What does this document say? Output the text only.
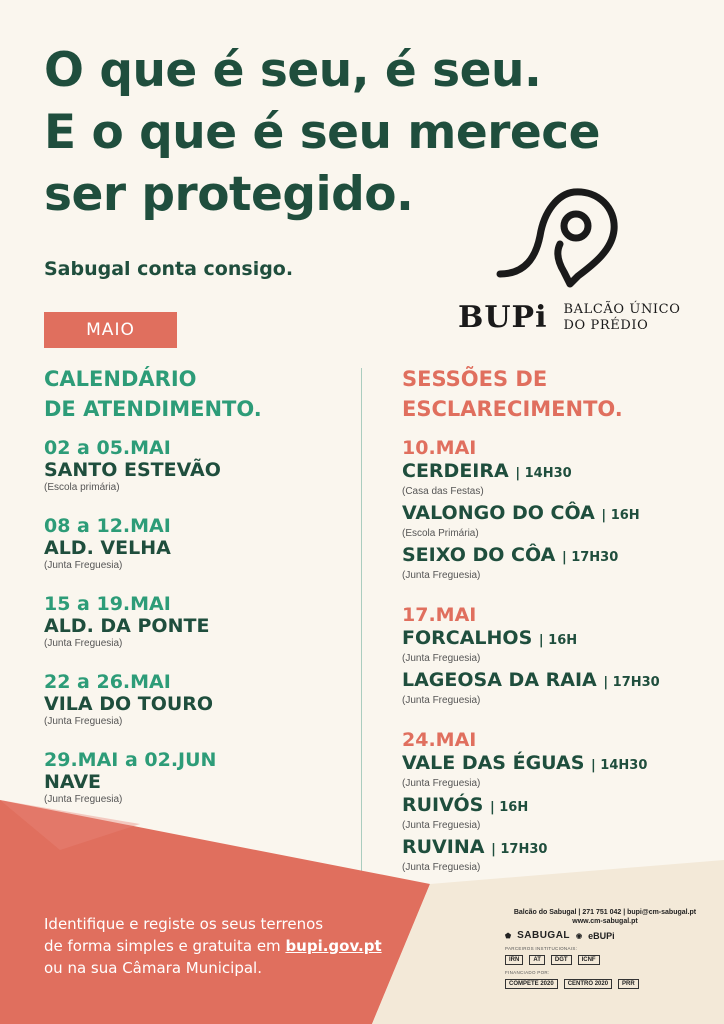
O que é seu, é seu.
E o que é seu merece
ser protegido.
Sabugal conta consigo.
BUPi BALCÃO ÚNICO
DO PRÉDIO
MAIO
CALENDÁRIO
DE ATENDIMENTO.
SESSÕES DE
ESCLARECIMENTO.
02 a 05.MAI
SANTO ESTEVÃO
(Escola primária)
08 a 12.MAI
ALD. VELHA
(Junta Freguesia)
15 a 19.MAI
ALD. DA PONTE
(Junta Freguesia)
22 a 26.MAI
VILA DO TOURO
(Junta Freguesia)
29.MAI a 02.JUN
NAVE
(Junta Freguesia)
10.MAI
CERDEIRA | 14H30
(Casa das Festas)
VALONGO DO CÔA | 16H
(Escola Primária)
SEIXO DO CÔA | 17H30
(Junta Freguesia)
17.MAI
FORCALHOS | 16H
(Junta Freguesia)
LAGEOSA DA RAIA | 17H30
(Junta Freguesia)
24.MAI
VALE DAS ÉGUAS | 14H30
(Junta Freguesia)
RUIVÓS | 16H
(Junta Freguesia)
RUVINA | 17H30
(Junta Freguesia)
Identifique e registe os seus terrenos
de forma simples e gratuita em bupi.gov.pt
ou na sua Câmara Municipal.
Balcão do Sabugal | 271 751 042 | bupi@cm-sabugal.pt
www.cm-sabugal.pt
⬟ SABUGAL ◉ eBUPi
PARCEIROS INSTITUCIONAIS:
IRN	AT	DGT	ICNF
FINANCIADO POR:
COMPETE 2020	CENTRO 2020	PRR
